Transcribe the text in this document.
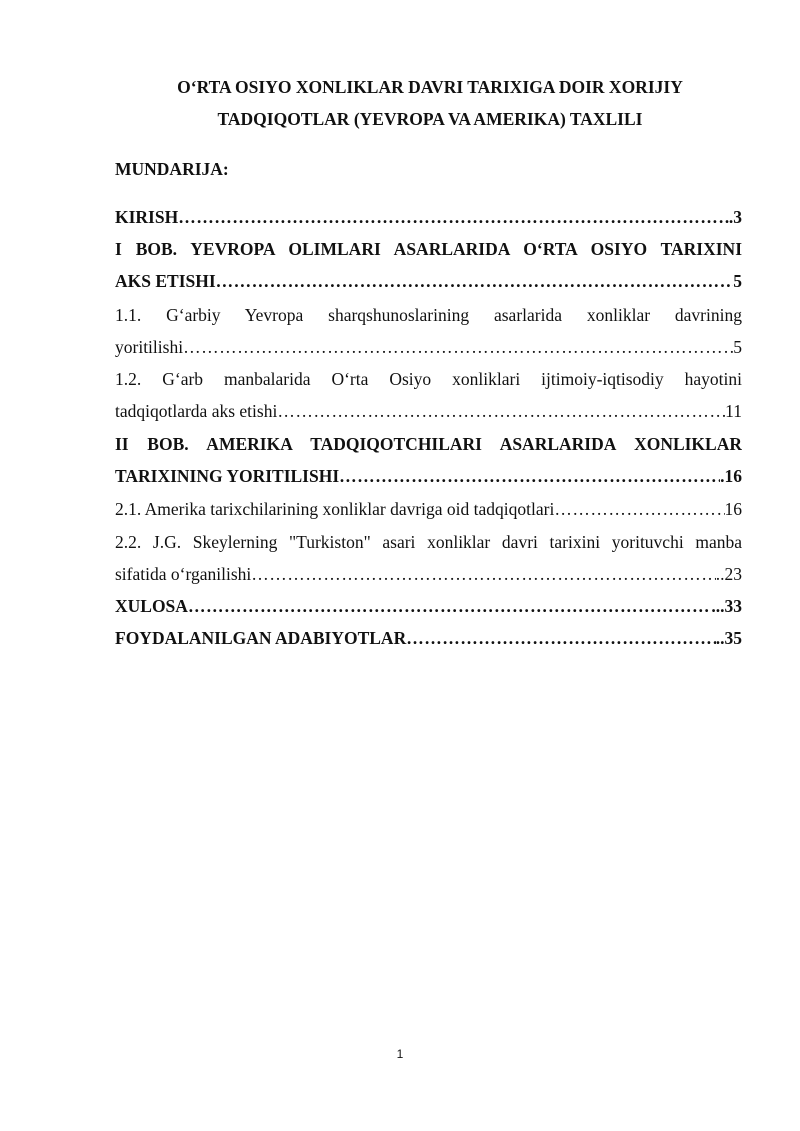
O‘RTA OSIYO XONLIKLAR DAVRI TARIXIGA DOIR XORIJIY

TADQIQOTLAR (YEVROPA VA AMERIKA) TAXLILI

MUNDARIJA:

KIRISH ………………………………………………………………………………………………………………………………………………………………………………………	.3
I BOB. YEVROPA OLIMLARI ASARLARIDA O‘RTA OSIYO TARIXINI
AKS ETISHI ………………………………………………………………………………………………………………………………………………………………………………………	5
1.1. G‘arbiy Yevropa sharqshunoslarining asarlarida xonliklar davrining
yoritilishi ………………………………………………………………………………………………………………………………………………………………………………………	5
1.2. G‘arb manbalarida O‘rta Osiyo xonliklari ijtimoiy-iqtisodiy hayotini
tadqiqotlarda aks etishi ………………………………………………………………………………………………………………………………………………………………………………………	11
II BOB. AMERIKA TADQIQOTCHILARI ASARLARIDA XONLIKLAR
TARIXINING YORITILISHI ………………………………………………………………………………………………………………………………………………………………………………………	.16
2.1. Amerika tarixchilarining xonliklar davriga oid tadqiqotlari ………………………………………………………………………………………………………………………………………………………………………………………	16
2.2. J.G. Skeylerning "Turkiston" asari xonliklar davri tarixini yorituvchi manba
sifatida o‘rganilishi ………………………………………………………………………………………………………………………………………………………………………………………	..23
XULOSA ………………………………………………………………………………………………………………………………………………………………………………………	...33
FOYDALANILGAN ADABIYOTLAR ………………………………………………………………………………………………………………………………………………………………………………………	..35
1
